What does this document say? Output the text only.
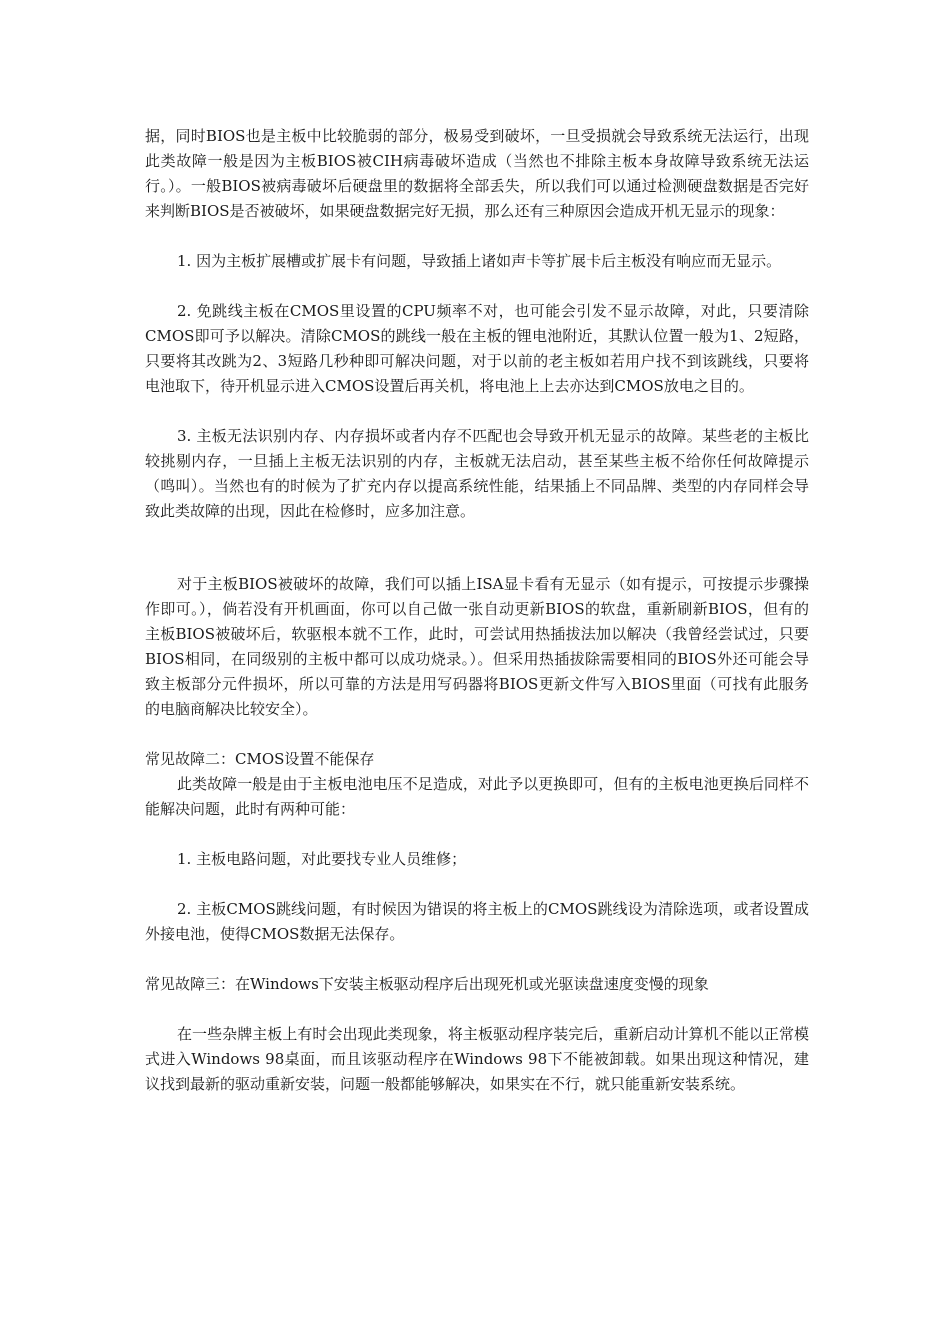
据，同时BIOS也是主板中比较脆弱的部分，极易受到破坏，一旦受损就会导致系统无法运行，出现此类故障一般是因为主板BIOS被CIH病毒破坏造成（当然也不排除主板本身故障导致系统无法运行。）。一般BIOS被病毒破坏后硬盘里的数据将全部丢失，所以我们可以通过检测硬盘数据是否完好来判断BIOS是否被破坏，如果硬盘数据完好无损，那么还有三种原因会造成开机无显示的现象：

1. 因为主板扩展槽或扩展卡有问题，导致插上诸如声卡等扩展卡后主板没有响应而无显示。

2. 免跳线主板在CMOS里设置的CPU频率不对，也可能会引发不显示故障，对此，只要清除CMOS即可予以解决。清除CMOS的跳线一般在主板的锂电池附近，其默认位置一般为1、2短路，只要将其改跳为2、3短路几秒种即可解决问题，对于以前的老主板如若用户找不到该跳线，只要将电池取下，待开机显示进入CMOS设置后再关机，将电池上上去亦达到CMOS放电之目的。

3. 主板无法识别内存、内存损坏或者内存不匹配也会导致开机无显示的故障。某些老的主板比较挑剔内存，一旦插上主板无法识别的内存，主板就无法启动，甚至某些主板不给你任何故障提示（鸣叫）。当然也有的时候为了扩充内存以提高系统性能，结果插上不同品牌、类型的内存同样会导致此类故障的出现，因此在检修时，应多加注意。

对于主板BIOS被破坏的故障，我们可以插上ISA显卡看有无显示（如有提示，可按提示步骤操作即可。），倘若没有开机画面，你可以自己做一张自动更新BIOS的软盘，重新刷新BIOS，但有的主板BIOS被破坏后，软驱根本就不工作，此时，可尝试用热插拔法加以解决（我曾经尝试过，只要BIOS相同，在同级别的主板中都可以成功烧录。）。但采用热插拔除需要相同的BIOS外还可能会导致主板部分元件损坏，所以可靠的方法是用写码器将BIOS更新文件写入BIOS里面（可找有此服务的电脑商解决比较安全）。

常见故障二：CMOS设置不能保存

此类故障一般是由于主板电池电压不足造成，对此予以更换即可，但有的主板电池更换后同样不能解决问题，此时有两种可能：

1. 主板电路问题，对此要找专业人员维修；

2. 主板CMOS跳线问题，有时候因为错误的将主板上的CMOS跳线设为清除选项，或者设置成外接电池，使得CMOS数据无法保存。

常见故障三：在Windows下安装主板驱动程序后出现死机或光驱读盘速度变慢的现象

在一些杂牌主板上有时会出现此类现象，将主板驱动程序装完后，重新启动计算机不能以正常模式进入Windows 98桌面，而且该驱动程序在Windows 98下不能被卸载。如果出现这种情况，建议找到最新的驱动重新安装，问题一般都能够解决，如果实在不行，就只能重新安装系统。
